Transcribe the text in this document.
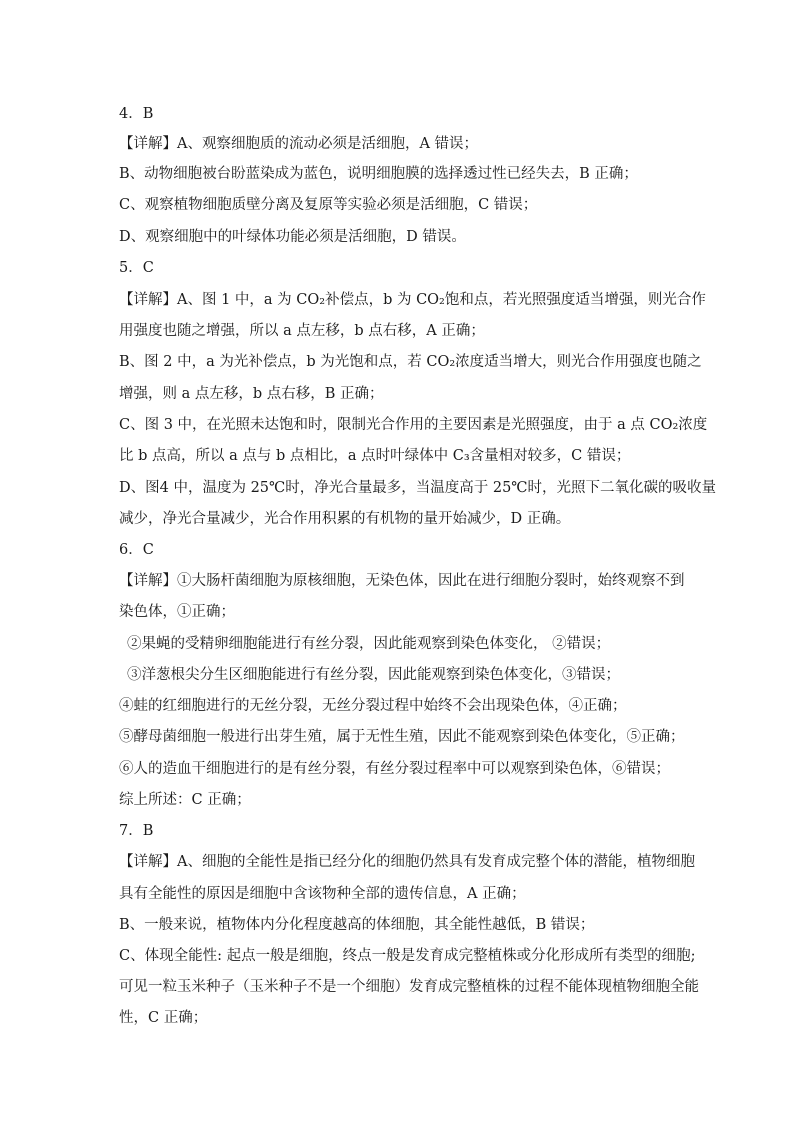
4．B
【详解】A、观察细胞质的流动必须是活细胞，A 错误；
B、动物细胞被台盼蓝染成为蓝色，说明细胞膜的选择透过性已经失去，B 正确；
C、观察植物细胞质壁分离及复原等实验必须是活细胞，C 错误；
D、观察细胞中的叶绿体功能必须是活细胞，D 错误。
5．C
【详解】A、图 1 中，a 为 CO₂补偿点，b 为 CO₂饱和点，若光照强度适当增强，则光合作
用强度也随之增强，所以 a 点左移，b 点右移，A 正确；
B、图 2 中，a 为光补偿点，b 为光饱和点，若 CO₂浓度适当增大，则光合作用强度也随之
增强，则 a 点左移，b 点右移，B 正确；
C、图 3 中，在光照未达饱和时，限制光合作用的主要因素是光照强度，由于 a 点 CO₂浓度
比 b 点高，所以 a 点与 b 点相比，a 点时叶绿体中 C₃含量相对较多，C 错误；
D、图4 中，温度为 25℃时，净光合量最多，当温度高于 25℃时，光照下二氧化碳的吸收量
减少，净光合量减少，光合作用积累的有机物的量开始减少，D 正确。
6．C
【详解】①大肠杆菌细胞为原核细胞，无染色体，因此在进行细胞分裂时，始终观察不到
染色体，①正确；
②果蝇的受精卵细胞能进行有丝分裂，因此能观察到染色体变化， ②错误；
③洋葱根尖分生区细胞能进行有丝分裂，因此能观察到染色体变化，③错误；
④蛙的红细胞进行的无丝分裂，无丝分裂过程中始终不会出现染色体，④正确；
⑤酵母菌细胞一般进行出芽生殖，属于无性生殖，因此不能观察到染色体变化，⑤正确；
⑥人的造血干细胞进行的是有丝分裂，有丝分裂过程率中可以观察到染色体，⑥错误；
综上所述：C 正确；
7．B
【详解】A、细胞的全能性是指已经分化的细胞仍然具有发育成完整个体的潜能，植物细胞
具有全能性的原因是细胞中含该物种全部的遗传信息，A 正确；
B、一般来说，植物体内分化程度越高的体细胞，其全能性越低，B 错误；
C、体现全能性: 起点一般是细胞，终点一般是发育成完整植株或分化形成所有类型的细胞;
可见一粒玉米种子（玉米种子不是一个细胞）发育成完整植株的过程不能体现植物细胞全能
性，C 正确；
